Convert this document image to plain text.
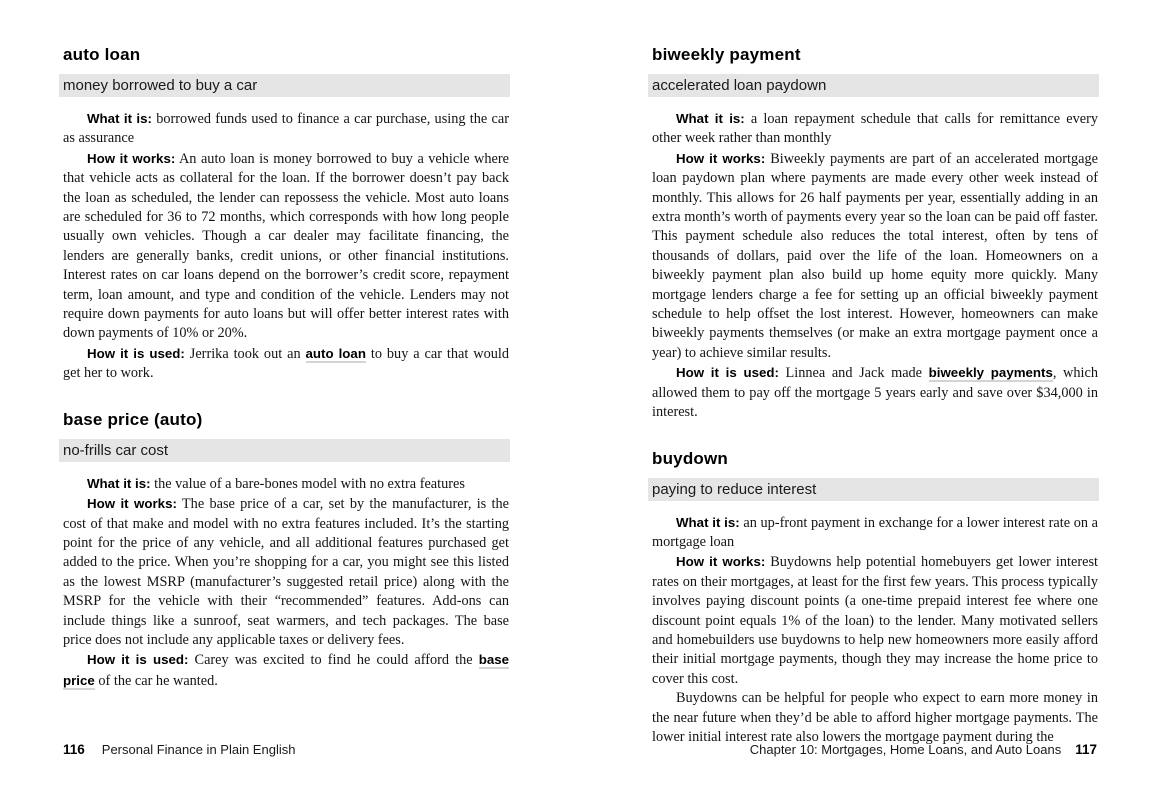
auto loan
money borrowed to buy a car

What it is: borrowed funds used to finance a car purchase, using the car as assurance

How it works: An auto loan is money borrowed to buy a vehicle where that vehicle acts as collateral for the loan. If the borrower doesn’t pay back the loan as scheduled, the lender can repossess the vehicle. Most auto loans are scheduled for 36 to 72 months, which corresponds with how long people usually own vehicles. Though a car dealer may facilitate financing, the lenders are generally banks, credit unions, or other financial institutions. Interest rates on car loans depend on the borrower’s credit score, repayment term, loan amount, and type and condition of the vehicle. Lenders may not require down payments for auto loans but will offer better interest rates with down payments of 10% or 20%.

How it is used: Jerrika took out an auto loan to buy a car that would get her to work.

base price (auto)
no-frills car cost

What it is: the value of a bare-bones model with no extra features

How it works: The base price of a car, set by the manufacturer, is the cost of that make and model with no extra features included. It’s the starting point for the price of any vehicle, and all additional features purchased get added to the price. When you’re shopping for a car, you might see this listed as the lowest MSRP (manufacturer’s suggested retail price) along with the MSRP for the vehicle with their “recommended” features. Add-ons can include things like a sunroof, seat warmers, and tech packages. The base price does not include any applicable taxes or delivery fees.

How it is used: Carey was excited to find he could afford the base price of the car he wanted.

biweekly payment
accelerated loan paydown

What it is: a loan repayment schedule that calls for remittance every other week rather than monthly

How it works: Biweekly payments are part of an accelerated mortgage loan paydown plan where payments are made every other week instead of monthly. This allows for 26 half payments per year, essentially adding in an extra month’s worth of payments every year so the loan can be paid off faster. This payment schedule also reduces the total interest, often by tens of thousands of dollars, paid over the life of the loan. Homeowners on a biweekly payment plan also build up home equity more quickly. Many mortgage lenders charge a fee for setting up an official biweekly payment schedule to help offset the lost interest. However, homeowners can make biweekly payments themselves (or make an extra mortgage payment once a year) to achieve similar results.

How it is used: Linnea and Jack made biweekly payments, which allowed them to pay off the mortgage 5 years early and save over $34,000 in interest.

buydown
paying to reduce interest

What it is: an up-front payment in exchange for a lower interest rate on a mortgage loan

How it works: Buydowns help potential homebuyers get lower interest rates on their mortgages, at least for the first few years. This process typically involves paying discount points (a one-time prepaid interest fee where one discount point equals 1% of the loan) to the lender. Many motivated sellers and homebuilders use buydowns to help new homeowners more easily afford their initial mortgage payments, though they may increase the home price to cover this cost.

Buydowns can be helpful for people who expect to earn more money in the near future when they’d be able to afford higher mortgage payments. The lower initial interest rate also lowers the mortgage payment during the

116 Personal Finance in Plain English	Chapter 10: Mortgages, Home Loans, and Auto Loans 117
